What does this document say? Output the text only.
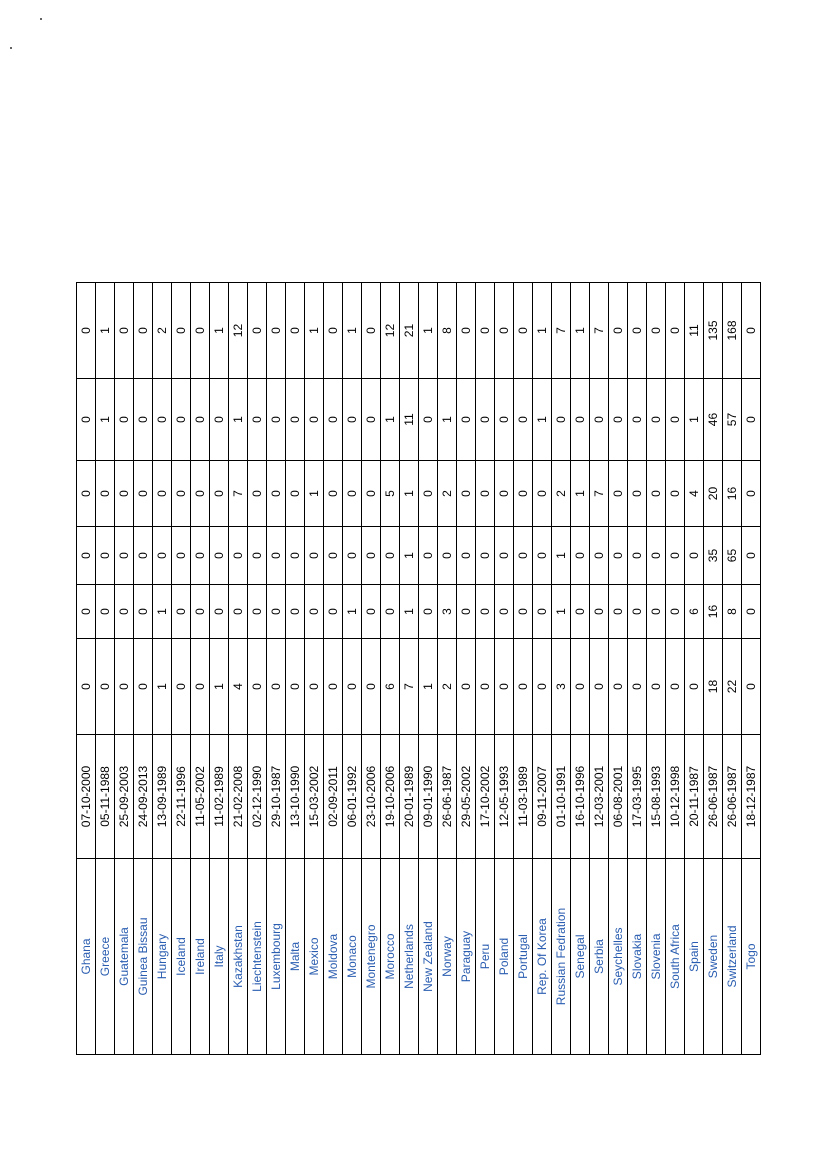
Ghana	07-10-2000	0	0	0	0	0	0
Greece	05-11-1988	0	0	0	0	1	1
Guatemala	25-09-2003	0	0	0	0	0	0
Guinea Bissau	24-09-2013	0	0	0	0	0	0
Hungary	13-09-1989	1	1	0	0	0	2
Iceland	22-11-1996	0	0	0	0	0	0
Ireland	11-05-2002	0	0	0	0	0	0
Italy	11-02-1989	1	0	0	0	0	1
Kazakhstan	21-02-2008	4	0	0	7	1	12
Liechtenstein	02-12-1990	0	0	0	0	0	0
Luxembourg	29-10-1987	0	0	0	0	0	0
Malta	13-10-1990	0	0	0	0	0	0
Mexico	15-03-2002	0	0	0	1	0	1
Moldova	02-09-2011	0	0	0	0	0	0
Monaco	06-01-1992	0	1	0	0	0	1
Montenegro	23-10-2006	0	0	0	0	0	0
Morocco	19-10-2006	6	0	0	5	1	12
Netherlands	20-01-1989	7	1	1	1	11	21
New Zealand	09-01-1990	1	0	0	0	0	1
Norway	26-06-1987	2	3	0	2	1	8
Paraguay	29-05-2002	0	0	0	0	0	0
Peru	17-10-2002	0	0	0	0	0	0
Poland	12-05-1993	0	0	0	0	0	0
Portugal	11-03-1989	0	0	0	0	0	0
Rep. Of Korea	09-11-2007	0	0	0	0	1	1
Russian Fedration	01-10-1991	3	1	1	2	0	7
Senegal	16-10-1996	0	0	0	1	0	1
Serbia	12-03-2001	0	0	0	7	0	7
Seychelles	06-08-2001	0	0	0	0	0	0
Slovakia	17-03-1995	0	0	0	0	0	0
Slovenia	15-08-1993	0	0	0	0	0	0
South Africa	10-12-1998	0	0	0	0	0	0
Spain	20-11-1987	0	6	0	4	1	11
Sweden	26-06-1987	18	16	35	20	46	135
Switzerland	26-06-1987	22	8	65	16	57	168
Togo	18-12-1987	0	0	0	0	0	0
